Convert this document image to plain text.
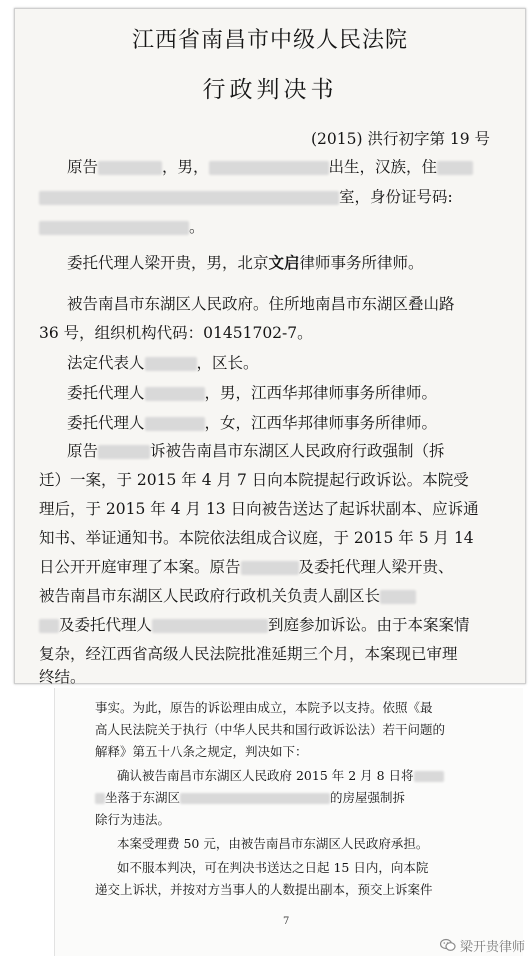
江西省南昌市中级人民法院
行政判决书
(2015) 洪行初字第 19 号
原告	，男，	出生，汉族，住
室，身份证号码:
。
委托代理人梁开贵，男，北京文启律师事务所律师。
被告南昌市东湖区人民政府。住所地南昌市东湖区叠山路
36 号，组织机构代码：01451702-7。
法定代表人	，区长。
委托代理人	，男，江西华邦律师事务所律师。
委托代理人	，女，江西华邦律师事务所律师。
原告	诉被告南昌市东湖区人民政府行政强制（拆
迁）一案，于 2015 年 4 月 7 日向本院提起行政诉讼。本院受
理后，于 2015 年 4 月 13 日向被告送达了起诉状副本、应诉通
知书、举证通知书。本院依法组成合议庭，于 2015 年 5 月 14
日公开开庭审理了本案。原告	及委托代理人梁开贵、
被告南昌市东湖区人民政府行政机关负责人副区长
及委托代理人	到庭参加诉讼。由于本案案情
复杂，经江西省高级人民法院批准延期三个月，本案现已审理
终结。
事实。为此，原告的诉讼理由成立，本院予以支持。依照《最
高人民法院关于执行（中华人民共和国行政诉讼法）若干问题的
解释》第五十八条之规定，判决如下：
确认被告南昌市东湖区人民政府 2015 年 2 月 8 日将
坐落于东湖区	的房屋强制拆
除行为违法。
本案受理费 50 元，由被告南昌市东湖区人民政府承担。
如不服本判决，可在判决书送达之日起 15 日内，向本院
递交上诉状，并按对方当事人的人数提出副本，预交上诉案件
7
梁开贵律师
